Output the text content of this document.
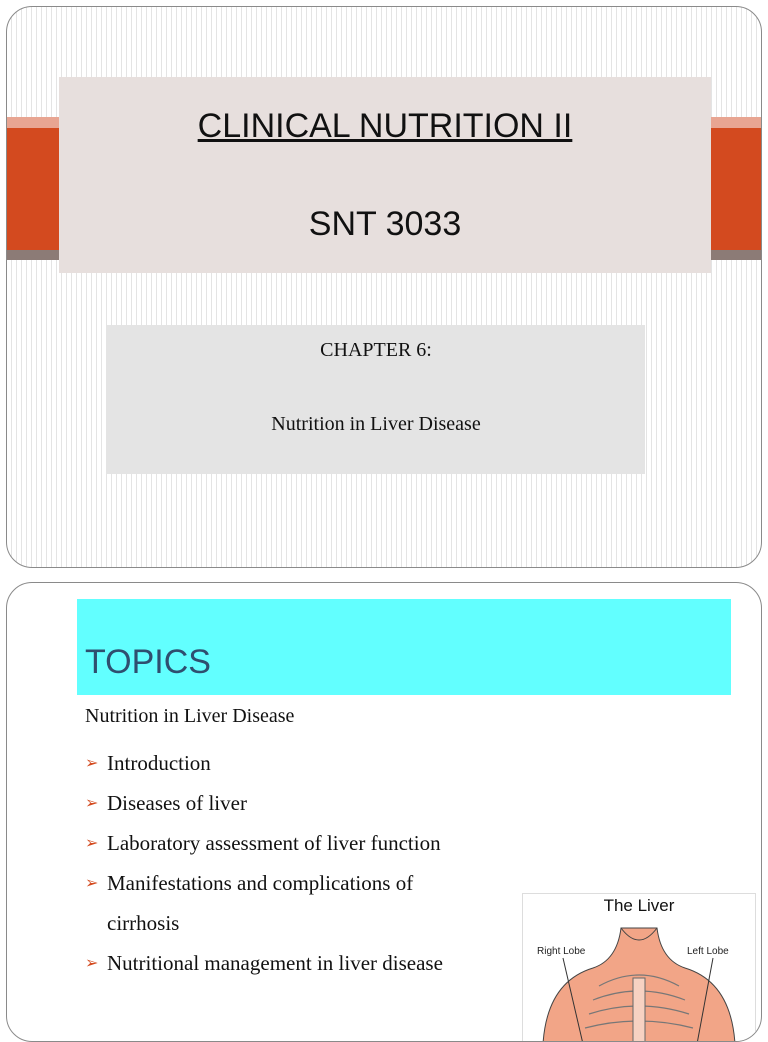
CLINICAL NUTRITION II
SNT 3033
CHAPTER 6:
Nutrition in Liver Disease
TOPICS
Nutrition in Liver Disease
➢ Introduction
➢ Diseases of liver
➢ Laboratory assessment of liver function
➢ Manifestations and complications of
cirrhosis
➢ Nutritional management in liver disease
The Liver
Right Lobe	Left Lobe
